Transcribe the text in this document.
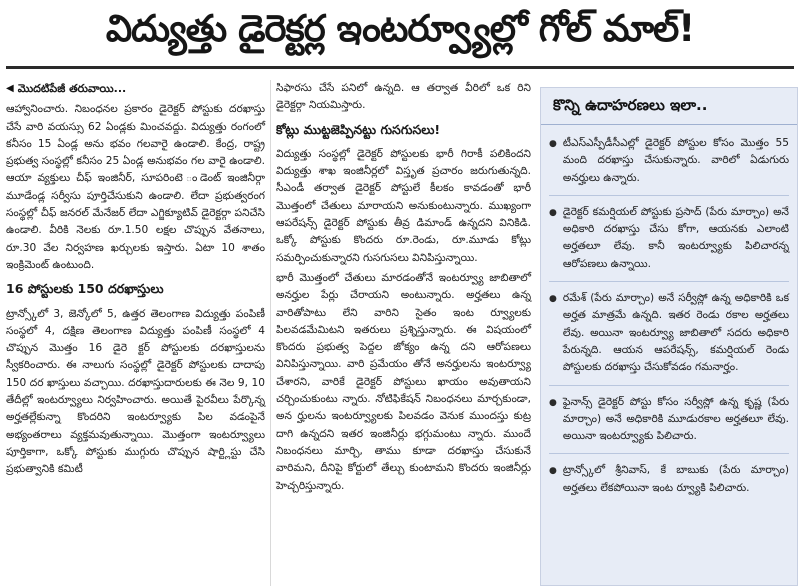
విద్యుత్తు డైరెక్టర్ల ఇంటర్వ్యూల్లో గోల్ మాల్!

◀ మొదటిపేజీ తరువాయి...

ఆహ్వానించారు. నిబంధనల ప్రకారం డైరెక్టర్ పోస్టుకు దరఖాస్తు చేసే వారి వయస్సు 62 ఏండ్లకు మించవద్దు. విద్యుత్తు రంగంలో కనీసం 15 ఏండ్ల అను భవం గలవారై ఉండాలి. కేంద్ర, రాష్ట్ర ప్రభుత్వ సంస్థల్లో కనీసం 25 ఏండ్ల అనుభవం గల వారై ఉండాలి. ఆయా వ్యక్తులు చీఫ్ ఇంజినీర్, సూపరింటె ండెంట్ ఇంజినీర్గా మూడేండ్ల సర్వీసు పూర్తిచేసుకుని ఉండాలి. లేదా ప్రభుత్వరంగ సంస్థల్లో చీఫ్ జనరల్ మేనేజర్ లేదా ఎగ్జిక్యూటివ్ డైరెక్టర్గా పనిచేసి ఉండాలి. వీరికి నెలకు రూ.1.50 లక్షల చొప్పున వేతనాలు, రూ.30 వేల నిర్వహణ ఖర్చులకు ఇస్తారు. ఏటా 10 శాతం ఇంక్రిమెంట్ ఉంటుంది.

16 పోస్టులకు 150 దరఖాస్తులు

ట్రాన్స్కోలో 3, జెన్కోలో 5, ఉత్తర తెలంగాణ విద్యుత్తు పంపిణీ సంస్థలో 4, దక్షిణ తెలంగాణ విద్యుత్తు పంపిణీ సంస్థలో 4 చొప్పున మొత్తం 16 డైరె క్టర్ పోస్టులకు దరఖాస్తులను స్వీకరించారు. ఈ నాలుగు సంస్థల్లో డైరెక్టర్ పోస్టులకు దాదాపు 150 దర ఖాస్తులు వచ్చాయి. దరఖాస్తుదారులకు ఈ నెల 9, 10 తేదీల్లో ఇంటర్వ్యూలు నిర్వహించారు. అయితే పైరవీలు పేర్కొన్న అర్హతల్లేకున్నా కొందరిని ఇంటర్వ్యూకు పిల వడంపైనే అభ్యంతరాలు వ్యక్తమవుతున్నాయి. మొత్తంగా ఇంటర్వ్యూలు పూర్తికాగా, ఒక్కో పోస్టుకు ముగ్గురు చొప్పున షార్ట్లిస్టు చేసి ప్రభుత్వానికి కమిటీ

సిఫారసు చేసే పనిలో ఉన్నది. ఆ తర్వాత వీరిలో ఒక రిని డైరెక్టర్గా నియమిస్తారు.

కోట్లు ముట్టజెప్పినట్టు గుసగుసలు!

విద్యుత్తు సంస్థల్లో డైరెక్టర్ పోస్టులకు భారీ గిరాకీ పలికిందని విద్యుత్తు శాఖ ఇంజినీర్లలో విస్తృత ప్రచారం జరుగుతున్నది. సీఎండీ తర్వాత డైరెక్టర్ పోస్టులే కీలకం కావడంతో భారీ మొత్తంలో చేతులు మారాయని అనుకుంటున్నారు. ముఖ్యంగా ఆపరేషన్స్ డైరెక్టర్ పోస్టుకు తీవ్ర డిమాండ్ ఉన్నదని వినికిడి. ఒక్కో పోస్టుకు కొందరు రూ.రెండు, రూ.మూడు కోట్లు సమర్పించుకున్నారని గుసగుసలు వినిపిస్తున్నాయి.

భారీ మొత్తంలో చేతులు మారడంతోనే ఇంటర్వ్యూ జాబితాలో అనర్హుల పేర్లు చేరాయని అంటున్నారు. అర్హతలు ఉన్న వారితోపాటు లేని వారిని సైతం ఇంట ర్వ్యూలకు పిలవడమేమిటని ఇతరులు ప్రశ్నిస్తున్నారు. ఈ విషయంలో కొందరు ప్రభుత్వ పెద్దల జోక్యం ఉన్న దని ఆరోపణలు వినిపిస్తున్నాయి. వారి ప్రమేయం తోనే అనర్హులను ఇంటర్వ్యూ చేశారని, వారికే డైరెక్టర్ పోస్టులు ఖాయం అవుతాయని చర్చించుకుంటు న్నారు. నోటిఫికేషన్ నిబంధనలు మార్చకుండా, అన ర్హులను ఇంటర్వ్యూలకు పిలవడం వెనుక ముందస్తు కుట్ర దాగి ఉన్నదని ఇతర ఇంజినీర్లు భగ్గుమంటు న్నారు. ముందే నిబంధనలు మార్చి, తాము కూడా దరఖాస్తు చేసుకునే వారిమని, దీనిపై కోర్టులో తేల్చు కుంటామని కొందరు ఇంజినీర్లు హెచ్చరిస్తున్నారు.

కొన్ని ఉదాహరణలు ఇలా..
● టీఎస్ఎస్పీడీసీఎల్లో డైరెక్టర్ పోస్టుల కోసం మొత్తం 55 మంది దరఖాస్తు చేసుకున్నారు. వారిలో ఏడుగురు అనర్హులు ఉన్నారు.
● డైరెక్టర్ కమర్షియల్ పోస్టుకు ప్రసాద్ (పేరు మార్చాం) అనే అధికారి దరఖాస్తు చేసు కోగా, ఆయనకు ఎలాంటి అర్హతలూ లేవు. కానీ ఇంటర్వ్యూకు పిలిచారన్న ఆరోపణలు ఉన్నాయి.
● రమేశ్ (పేరు మార్చాం) అనే సర్వీస్లో ఉన్న అధికారికి ఒక అర్హత మాత్రమే ఉన్నది. ఇతర రెండు రకాల అర్హతలు లేవు. అయినా ఇంటర్వ్యూ జాబితాలో సదరు అధికారి పేరున్నది. ఆయన ఆపరేషన్స్, కమర్షియల్ రెండు పోస్టులకు దరఖాస్తు చేసుకోవడం గమనార్హం.
● ఫైనాన్స్ డైరెక్టర్ పోస్టు కోసం సర్వీస్లో ఉన్న కృష్ణ (పేరు మార్చాం) అనే అధికారికి మూడురకాల అర్హతలూ లేవు. అయినా ఇంటర్వ్యూకు పిలిచారు.
● ట్రాన్స్కోలో శ్రీనివాస్, కే బాబుకు (పేరు మార్చాం) అర్హతలు లేకపోయినా ఇంట ర్వ్యూకి పిలిచారు.
